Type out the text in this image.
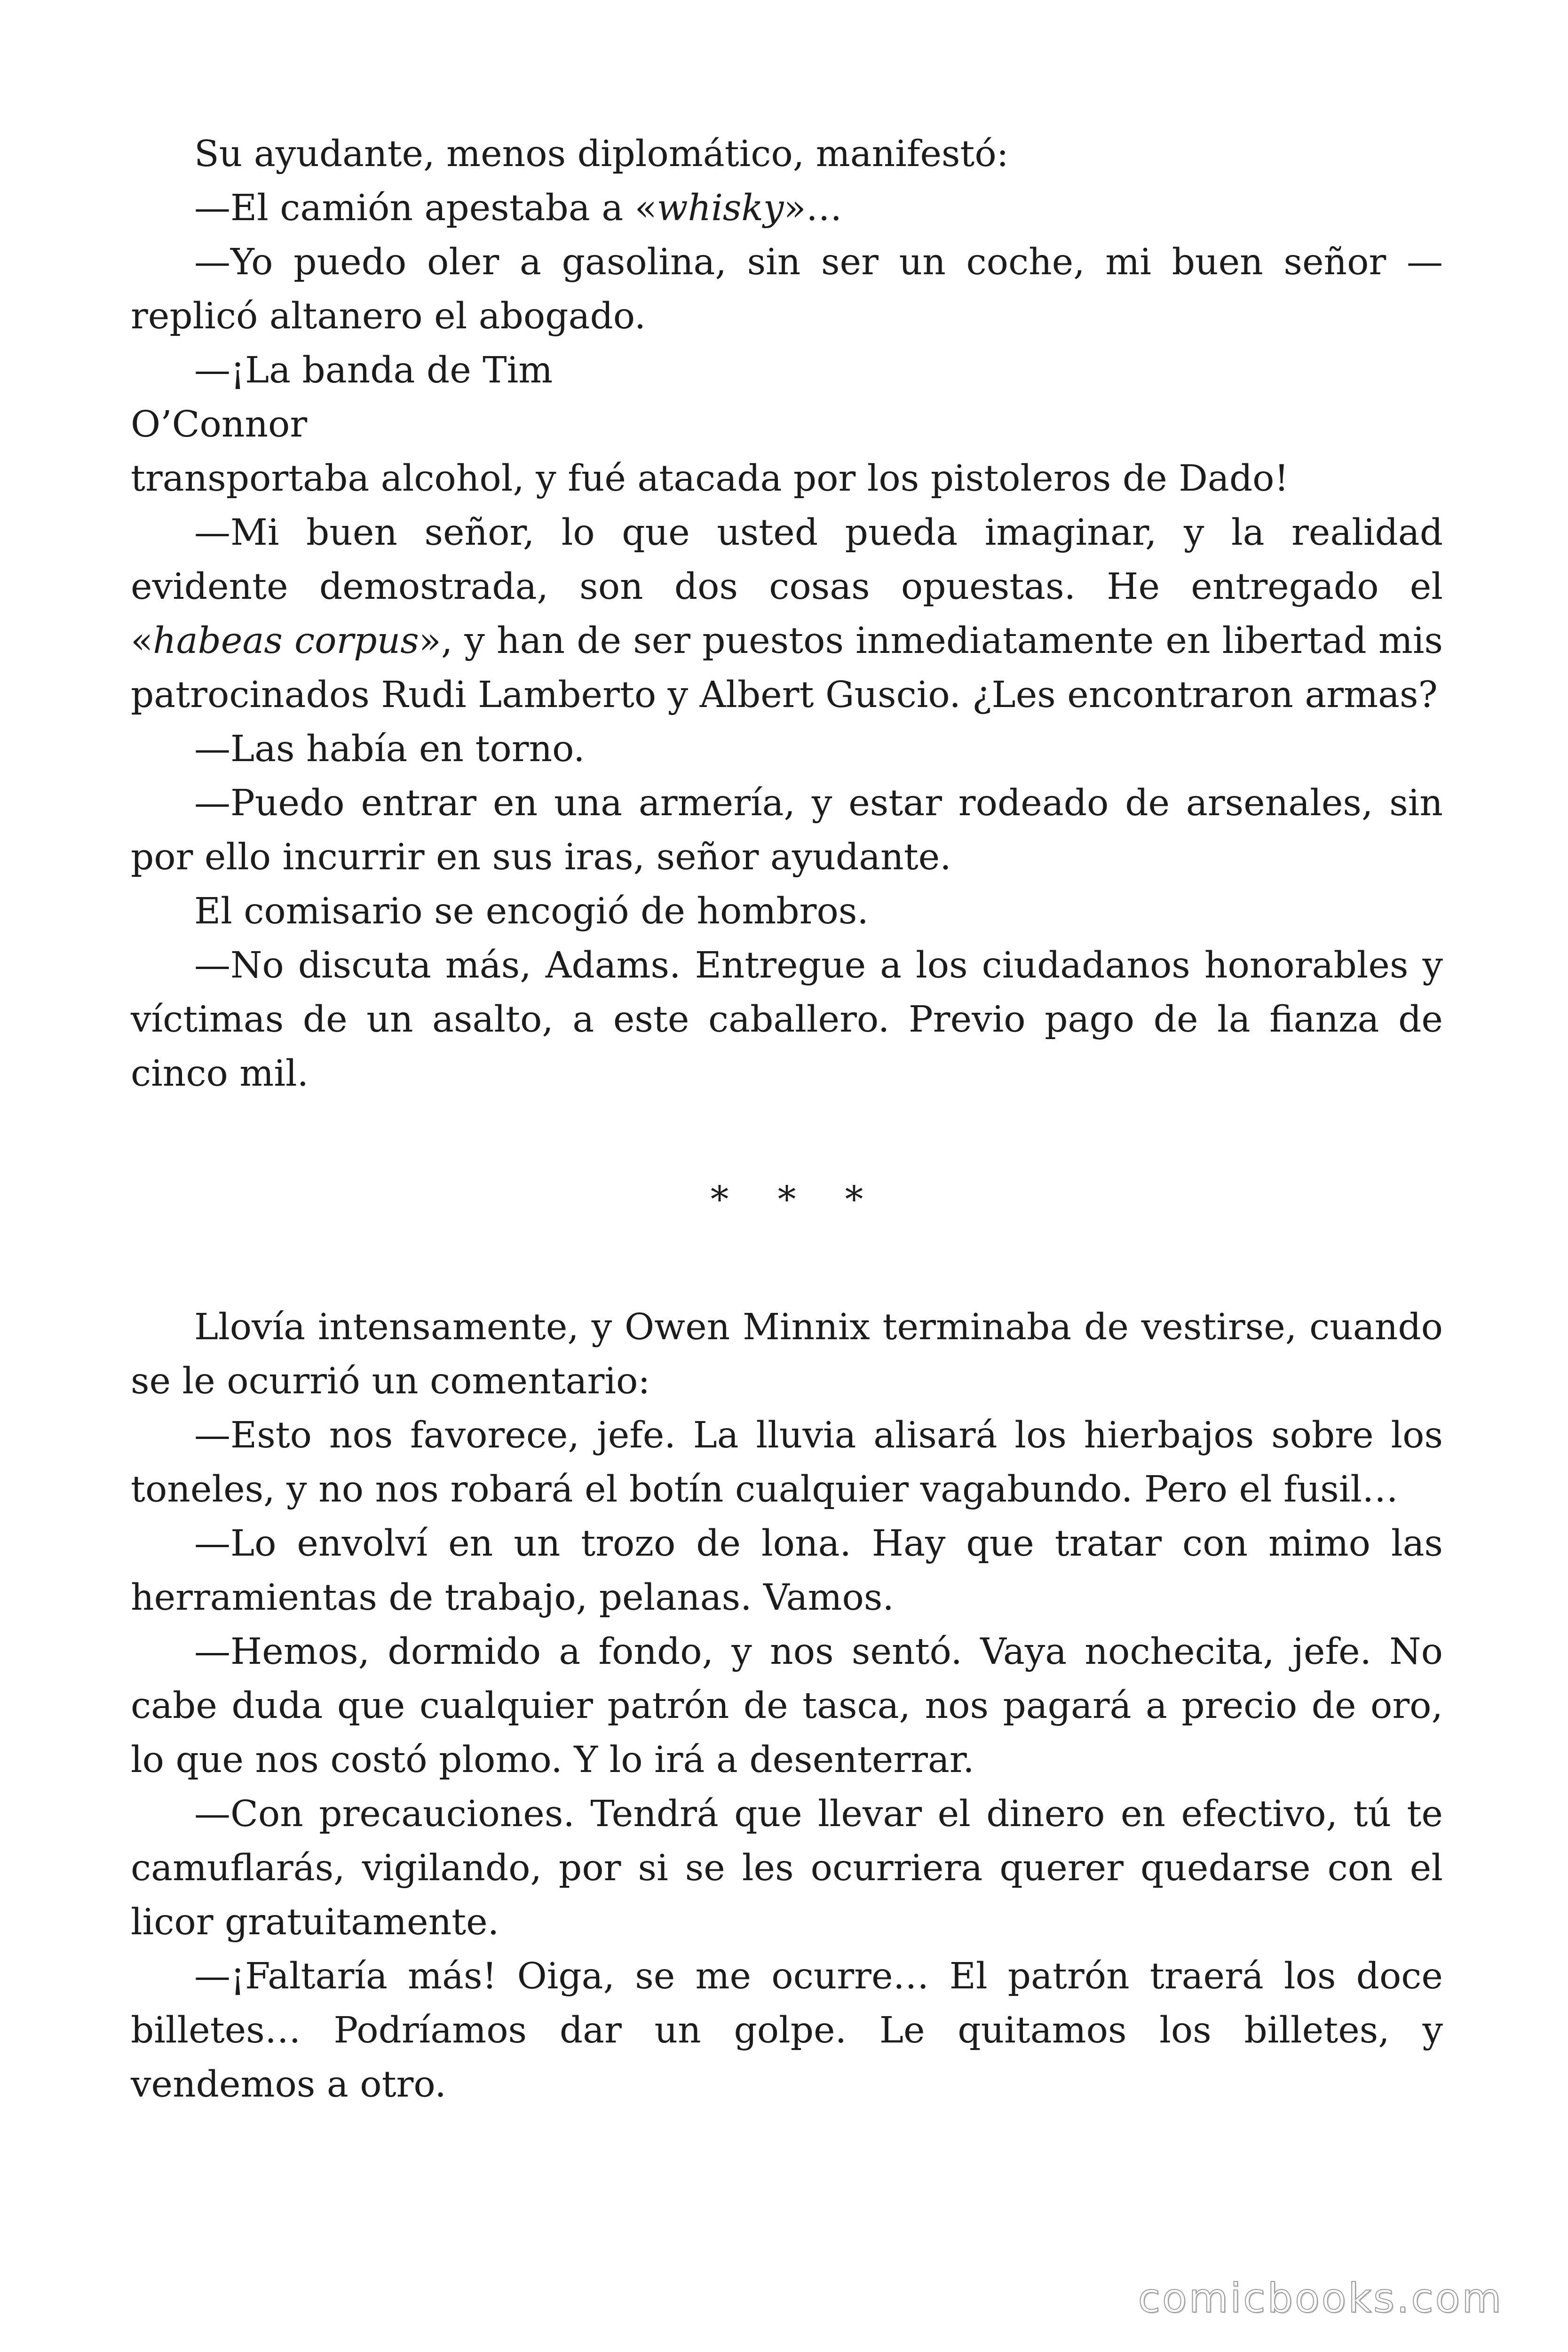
Su ayudante, menos diplomático, manifestó:

—El camión apestaba a «whisky»…

—Yo puedo oler a gasolina, sin ser un coche, mi buen señor —replicó altanero el abogado.

—¡La banda de Tim

O’Connor

transportaba alcohol, y fué atacada por los pistoleros de Dado!

—Mi buen señor, lo que usted pueda imaginar, y la realidad evidente demostrada, son dos cosas opuestas. He entregado el «habeas corpus», y han de ser puestos inmediatamente en libertad mis patrocinados Rudi Lamberto y Albert Guscio. ¿Les encontraron armas?

—Las había en torno.

—Puedo entrar en una armería, y estar rodeado de arsenales, sin por ello incurrir en sus iras, señor ayudante.

El comisario se encogió de hombros.

—No discuta más, Adams. Entregue a los ciudadanos honorables y víctimas de un asalto, a este caballero. Previo pago de la fianza de cinco mil.

* * *

Llovía intensamente, y Owen Minnix terminaba de vestirse, cuando se le ocurrió un comentario:

—Esto nos favorece, jefe. La lluvia alisará los hierbajos sobre los toneles, y no nos robará el botín cualquier vagabundo. Pero el fusil…

—Lo envolví en un trozo de lona. Hay que tratar con mimo las herramientas de trabajo, pelanas. Vamos.

—Hemos, dormido a fondo, y nos sentó. Vaya nochecita, jefe. No cabe duda que cualquier patrón de tasca, nos pagará a precio de oro, lo que nos costó plomo. Y lo irá a desenterrar.

—Con precauciones. Tendrá que llevar el dinero en efectivo, tú te camuflarás, vigilando, por si se les ocurriera querer quedarse con el licor gratuitamente.

—¡Faltaría más! Oiga, se me ocurre… El patrón traerá los doce billetes… Podríamos dar un golpe. Le quitamos los billetes, y vendemos a otro.

comicbooks.com
